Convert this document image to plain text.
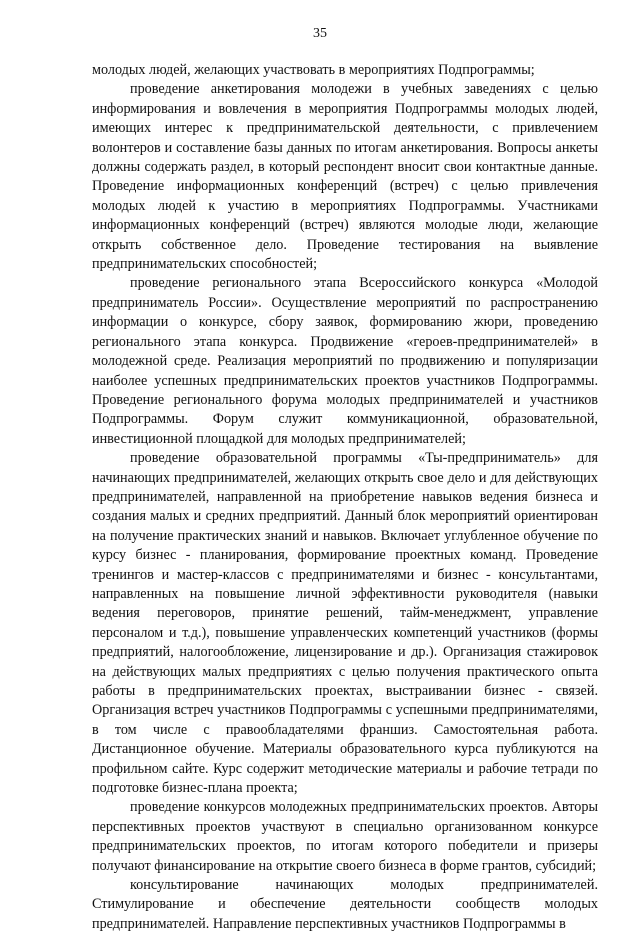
35

молодых людей, желающих участвовать в мероприятиях Подпрограммы;

проведение анкетирования молодежи в учебных заведениях с целью информирования и вовлечения в мероприятия Подпрограммы молодых людей, имеющих интерес к предпринимательской деятельности, с привлечением волонтеров и составление базы данных по итогам анкетирования. Вопросы анкеты должны содержать раздел, в который респондент вносит свои контактные данные. Проведение информационных конференций (встреч) с целью привлечения молодых людей к участию в мероприятиях Подпрограммы. Участниками информационных конференций (встреч) являются молодые люди, желающие открыть собственное дело. Проведение тестирования на выявление предпринимательских способностей;

проведение регионального этапа Всероссийского конкурса «Молодой предприниматель России». Осуществление мероприятий по распространению информации о конкурсе, сбору заявок, формированию жюри, проведению регионального этапа конкурса. Продвижение «героев-предпринимателей» в молодежной среде. Реализация мероприятий по продвижению и популяризации наиболее успешных предпринимательских проектов участников Подпрограммы. Проведение регионального форума молодых предпринимателей и участников Подпрограммы. Форум служит коммуникационной, образовательной, инвестиционной площадкой для молодых предпринимателей;

проведение образовательной программы «Ты-предприниматель» для начинающих предпринимателей, желающих открыть свое дело и для действующих предпринимателей, направленной на приобретение навыков ведения бизнеса и создания малых и средних предприятий. Данный блок мероприятий ориентирован на получение практических знаний и навыков. Включает углубленное обучение по курсу бизнес - планирования, формирование проектных команд. Проведение тренингов и мастер-классов с предпринимателями и бизнес - консультантами, направленных на повышение личной эффективности руководителя (навыки ведения переговоров, принятие решений, тайм-менеджмент, управление персоналом и т.д.), повышение управленческих компетенций участников (формы предприятий, налогообложение, лицензирование и др.). Организация стажировок на действующих малых предприятиях с целью получения практического опыта работы в предпринимательских проектах, выстраивании бизнес - связей. Организация встреч участников Подпрограммы с успешными предпринимателями, в том числе с правообладателями франшиз. Самостоятельная работа. Дистанционное обучение. Материалы образовательного курса публикуются на профильном сайте. Курс содержит методические материалы и рабочие тетради по подготовке бизнес-плана проекта;

проведение конкурсов молодежных предпринимательских проектов. Авторы перспективных проектов участвуют в специально организованном конкурсе предпринимательских проектов, по итогам которого победители и призеры получают финансирование на открытие своего бизнеса в форме грантов, субсидий;

консультирование начинающих молодых предпринимателей. Стимулирование и обеспечение деятельности сообществ молодых предпринимателей. Направление перспективных участников Подпрограммы в
